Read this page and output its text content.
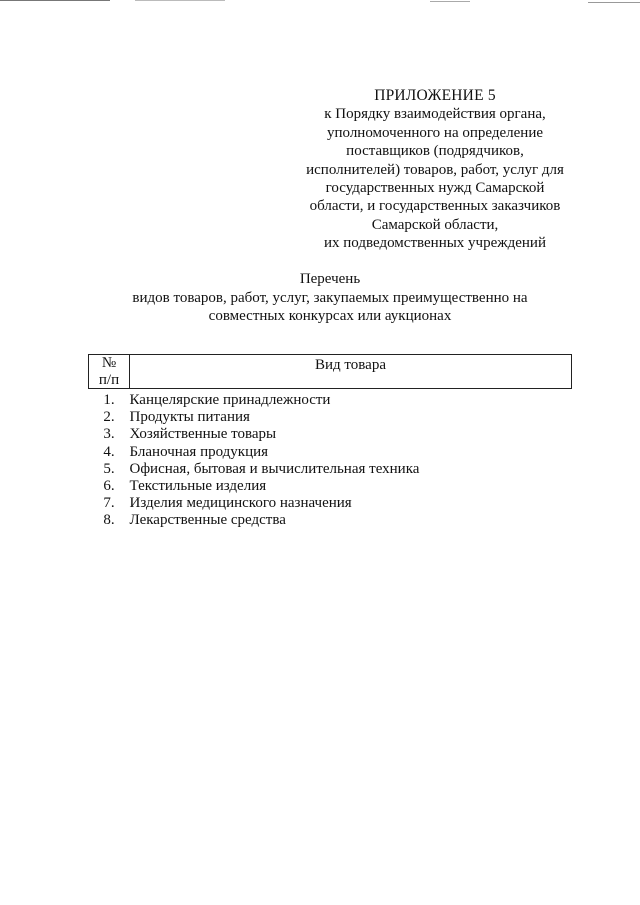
ПРИЛОЖЕНИЕ 5
к Порядку взаимодействия органа,
уполномоченного на определение
поставщиков (подрядчиков,
исполнителей) товаров, работ, услуг для
государственных нужд Самарской
области, и государственных заказчиков
Самарской области,
их подведомственных учреждений
Перечень
видов товаров, работ, услуг, закупаемых преимущественно на
совместных конкурсах или аукционах
№
п/п	Вид товара
1.	Канцелярские принадлежности
2.	Продукты питания
3.	Хозяйственные товары
4.	Бланочная продукция
5.	Офисная, бытовая и вычислительная техника
6.	Текстильные изделия
7.	Изделия медицинского назначения
8.	Лекарственные средства
